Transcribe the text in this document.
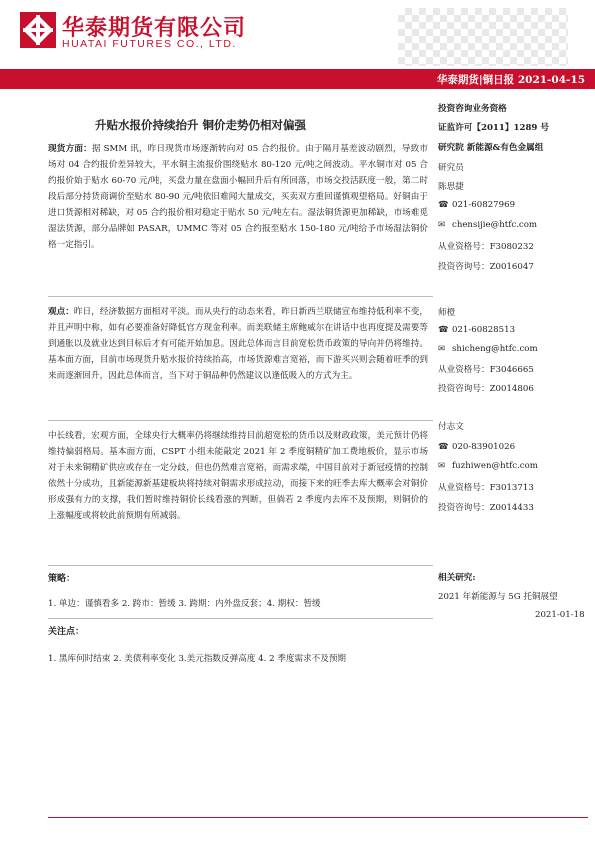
华泰期货有限公司
HUATAI FUTURES CO., LTD.
华泰期货|铜日报 2021-04-15
升贴水报价持续抬升 铜价走势仍相对偏强

现货方面：据 SMM 讯，昨日现货市场逐渐转向对 05 合约报价。由于隔月基差波动剧烈，导致市场对 04 合约报价差异较大，平水铜主流报价围绕贴水 80-120 元/吨之间波动。平水铜市对 05 合约报价始于贴水 60-70 元/吨，买盘力量在盘面小幅回升后有所回落，市场交投活跃度一般，第二时段后部分持货商调价至贴水 80-90 元/吨依旧难闻大量成交，买卖双方重回谨慎观望格局。好铜由于进口货源相对稀缺，对 05 合约报价相对稳定于贴水 50 元/吨左右。湿法铜货源更加稀缺，市场难觅湿法货源，部分品牌如 PASAR，UMMC 等对 05 合约报至贴水 150-180 元/吨给予市场湿法铜价格一定指引。

观点：昨日，经济数据方面相对平淡。而从央行的动态来看，昨日新西兰联储宣布维持低利率不变，并且声明中称，如有必要准备好降低官方现金利率。而美联储主席鲍威尔在讲话中也再度提及需要等到通胀以及就业达到目标后才有可能开始加息。因此总体而言目前宽松货币政策的导向并仍将维持。基本面方面，目前市场现货升贴水报价持续抬高，市场货源难言宽裕，而下游买兴则会随着旺季的到来而逐渐回升，因此总体而言，当下对于铜品种仍然建议以逢低吸入的方式为主。

中长线看，宏观方面，全球央行大概率仍将继续维持目前超宽松的货币以及财政政策，美元预计仍将维持偏弱格局。基本面方面，CSPT 小组未能敲定 2021 年 2 季度铜精矿加工费地板价，显示市场对于未来铜精矿供应或存在一定分歧，但也仍然难言宽裕，而需求端，中国目前对于新冠疫情的控制依然十分成功，且新能源新基建板块将持续对铜需求形成拉动，而接下来的旺季去库大概率会对铜价形成强有力的支撑，我们暂时维持铜价长线看涨的判断，但倘若 2 季度内去库不及预期，则铜价的上涨幅度或将较此前预期有所减弱。

策略：
1. 单边：谨慎看多 2. 跨市：暂缓 3. 跨期：内外盘反套；4. 期权：暂缓
关注点：
1. 黑库何时结束 2. 美债利率变化 3.美元指数反弹高度 4. 2 季度需求不及预期
投资咨询业务资格
证监许可【2011】1289 号
研究院 新能源&有色金属组
研究员
陈思捷
☎ 021-60827969
✉ chensijie@htfc.com
从业资格号：F3080232
投资咨询号：Z0016047
师橙
☎ 021-60828513
✉ shicheng@htfc.com
从业资格号：F3046665
投资咨询号：Z0014806
付志文
☎ 020-83901026
✉ fuzhiwen@htfc.com
从业资格号：F3013713
投资咨询号：Z0014433
相关研究:
2021 年新能源与 5G 托铜展望
2021-01-18
